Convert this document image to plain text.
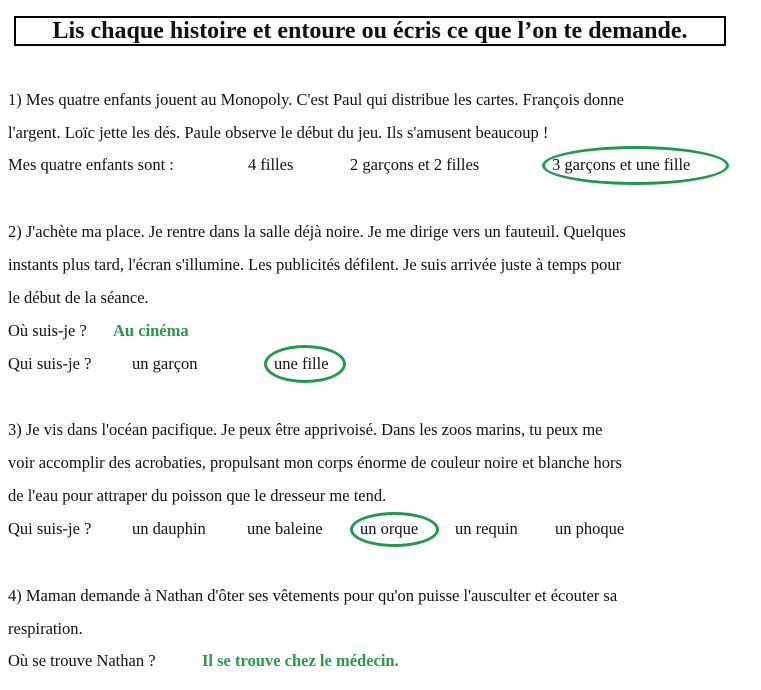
Lis chaque histoire et entoure ou écris ce que l’on te demande.
1) Mes quatre enfants jouent au Monopoly. C'est Paul qui distribue les cartes. François donne
l'argent. Loïc jette les dés. Paule observe le début du jeu. Ils s'amusent beaucoup !
Mes quatre enfants sont :	4 filles	2 garçons et 2 filles	3 garçons et une fille
2) J'achète ma place. Je rentre dans la salle déjà noire. Je me dirige vers un fauteuil. Quelques
instants plus tard, l'écran s'illumine. Les publicités défilent. Je suis arrivée juste à temps pour
le début de la séance.
Où suis-je ? Au cinéma
Qui suis-je ? un garçon	une fille
3) Je vis dans l'océan pacifique. Je peux être apprivoisé. Dans les zoos marins, tu peux me
voir accomplir des acrobaties, propulsant mon corps énorme de couleur noire et blanche hors
de l'eau pour attraper du poisson que le dresseur me tend.
Qui suis-je ? un dauphin une baleine un orque un requin un phoque
4) Maman demande à Nathan d'ôter ses vêtements pour qu'on puisse l'ausculter et écouter sa
respiration.
Où se trouve Nathan ?	Il se trouve chez le médecin.
